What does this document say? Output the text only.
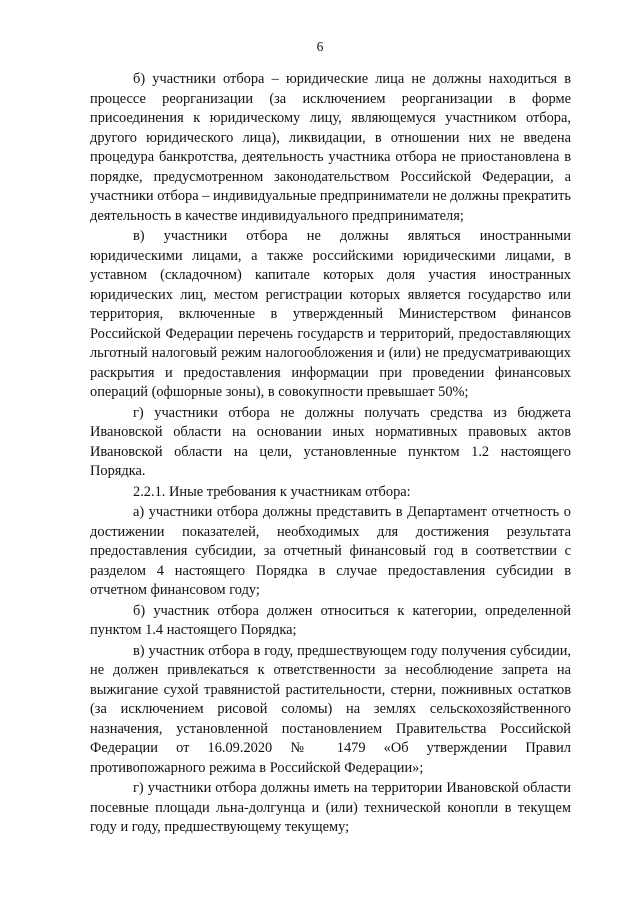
6

б) участники отбора – юридические лица не должны находиться в процессе реорганизации (за исключением реорганизации в форме присоединения к юридическому лицу, являющемуся участником отбора, другого юридического лица), ликвидации, в отношении них не введена процедура банкротства, деятельность участника отбора не приостановлена в порядке, предусмотренном законодательством Российской Федерации, а участники отбора – индивидуальные предприниматели не должны прекратить деятельность в качестве индивидуального предпринимателя;

в) участники отбора не должны являться иностранными юридическими лицами, а также российскими юридическими лицами, в уставном (складочном) капитале которых доля участия иностранных юридических лиц, местом регистрации которых является государство или территория, включенные в утвержденный Министерством финансов Российской Федерации перечень государств и территорий, предоставляющих льготный налоговый режим налогообложения и (или) не предусматривающих раскрытия и предоставления информации при проведении финансовых операций (офшорные зоны), в совокупности превышает 50%;

г) участники отбора не должны получать средства из бюджета Ивановской области на основании иных нормативных правовых актов Ивановской области на цели, установленные пунктом 1.2 настоящего Порядка.

2.2.1. Иные требования к участникам отбора:

а) участники отбора должны представить в Департамент отчетность о достижении показателей, необходимых для достижения результата предоставления субсидии, за отчетный финансовый год в соответствии с разделом 4 настоящего Порядка в случае предоставления субсидии в отчетном финансовом году;

б) участник отбора должен относиться к категории, определенной пунктом 1.4 настоящего Порядка;

в) участник отбора в году, предшествующем году получения субсидии, не должен привлекаться к ответственности за несоблюдение запрета на выжигание сухой травянистой растительности, стерни, пожнивных остатков (за исключением рисовой соломы) на землях сельскохозяйственного назначения, установленной постановлением Правительства Российской Федерации от 16.09.2020 № 1479 «Об утверждении Правил противопожарного режима в Российской Федерации»;

г) участники отбора должны иметь на территории Ивановской области посевные площади льна-долгунца и (или) технической конопли в текущем году и году, предшествующему текущему;
